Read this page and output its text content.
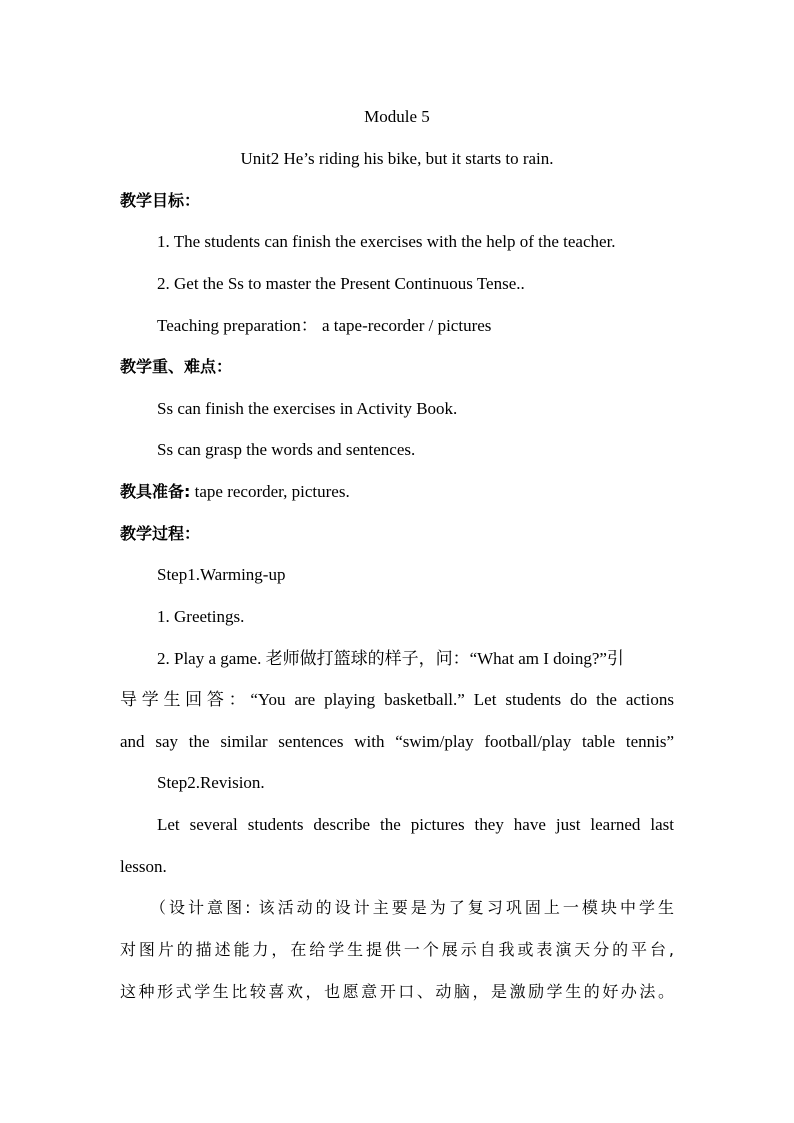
Module 5
Unit2 He’s riding his bike, but it starts to rain.
教学目标：
1. The students can finish the exercises with the help of the teacher.
2. Get the Ss to master the Present Continuous Tense..
Teaching preparation： a tape-recorder / pictures
教学重、难点：
Ss can finish the exercises in Activity Book.
Ss can grasp the words and sentences.
教具准备: tape recorder, pictures.
教学过程：
Step1.Warming-up
1. Greetings.
2. Play a game. 老师做打篮球的样子，问：“What am I doing?”引
导学生回答：“You are playing basketball.” Let students do the actions
and say the similar sentences with “swim/play football/play table tennis”
Step2.Revision.
Let several students describe the pictures they have just learned last
lesson.
（设计意图: 该活动的设计主要是为了复习巩固上一模块中学生
对图片的描述能力，在给学生提供一个展示自我或表演天分的平台,
这种形式学生比较喜欢，也愿意开口、动脑，是激励学生的好办法。
